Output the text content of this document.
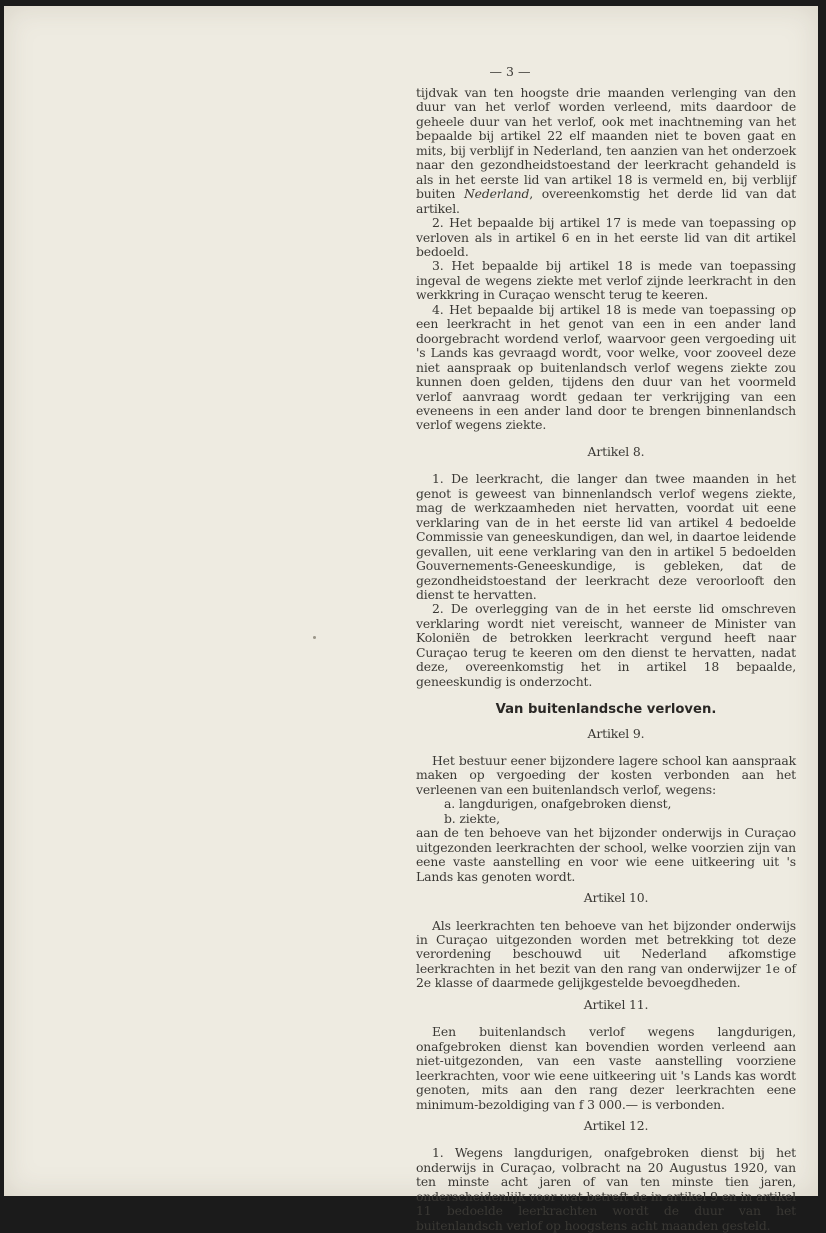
— 3 —

tijdvak van ten hoogste drie maanden verlenging van den duur van het verlof worden verleend, mits daardoor de geheele duur van het verlof, ook met inachtneming van het bepaalde bij artikel 22 elf maanden niet te boven gaat en mits, bij verblijf in Nederland, ten aanzien van het onderzoek naar den gezondheidstoestand der leerkracht gehandeld is als in het eerste lid van artikel 18 is vermeld en, bij verblijf buiten Nederland, overeenkomstig het derde lid van dat artikel.

2. Het bepaalde bij artikel 17 is mede van toepassing op verloven als in artikel 6 en in het eerste lid van dit artikel bedoeld.

3. Het bepaalde bij artikel 18 is mede van toepassing ingeval de wegens ziekte met verlof zijnde leerkracht in den werkkring in Curaçao wenscht terug te keeren.

4. Het bepaalde bij artikel 18 is mede van toepassing op een leerkracht in het genot van een in een ander land doorgebracht wordend verlof, waarvoor geen vergoeding uit 's Lands kas gevraagd wordt, voor welke, voor zooveel deze niet aanspraak op buitenlandsch verlof wegens ziekte zou kunnen doen gelden, tijdens den duur van het voormeld verlof aanvraag wordt gedaan ter verkrijging van een eveneens in een ander land door te brengen binnenlandsch verlof wegens ziekte.

Artikel 8.

1. De leerkracht, die langer dan twee maanden in het genot is geweest van binnenlandsch verlof wegens ziekte, mag de werkzaamheden niet hervatten, voordat uit eene verklaring van de in het eerste lid van artikel 4 bedoelde Commissie van geneeskundigen, dan wel, in daartoe leidende gevallen, uit eene verklaring van den in artikel 5 bedoelden Gouvernements-Geneeskundige, is gebleken, dat de gezondheidstoestand der leerkracht deze veroorlooft den dienst te hervatten.

2. De overlegging van de in het eerste lid omschreven verklaring wordt niet vereischt, wanneer de Minister van Koloniën de betrokken leerkracht vergund heeft naar Curaçao terug te keeren om den dienst te hervatten, nadat deze, overeenkomstig het in artikel 18 bepaalde, geneeskundig is onderzocht.

Van buitenlandsche verloven.

Artikel 9.

Het bestuur eener bijzondere lagere school kan aanspraak maken op vergoeding der kosten verbonden aan het verleenen van een buitenlandsch verlof, wegens:

a. langdurigen, onafgebroken dienst,

b. ziekte,

aan de ten behoeve van het bijzonder onderwijs in Curaçao uitgezonden leerkrachten der school, welke voorzien zijn van eene vaste aanstelling en voor wie eene uitkeering uit 's Lands kas genoten wordt.

Artikel 10.

Als leerkrachten ten behoeve van het bijzonder onderwijs in Curaçao uitgezonden worden met betrekking tot deze verordening beschouwd uit Nederland afkomstige leerkrachten in het bezit van den rang van onderwijzer 1e of 2e klasse of daarmede gelijkgestelde bevoegdheden.

Artikel 11.

Een buitenlandsch verlof wegens langdurigen, onafgebroken dienst kan bovendien worden verleend aan niet-uitgezonden, van een vaste aanstelling voorziene leerkrachten, voor wie eene uitkeering uit 's Lands kas wordt genoten, mits aan den rang dezer leerkrachten eene minimum-bezoldiging van f 3 000.— is verbonden.

Artikel 12.

1. Wegens langdurigen, onafgebroken dienst bij het onderwijs in Curaçao, volbracht na 20 Augustus 1920, van ten minste acht jaren of van ten minste tien jaren, onderscheidenlijk voor wat betreft de in artikel 9 en in artikel 11 bedoelde leerkrachten wordt de duur van het buitenlandsch verlof op hoogstens acht maanden gesteld.
